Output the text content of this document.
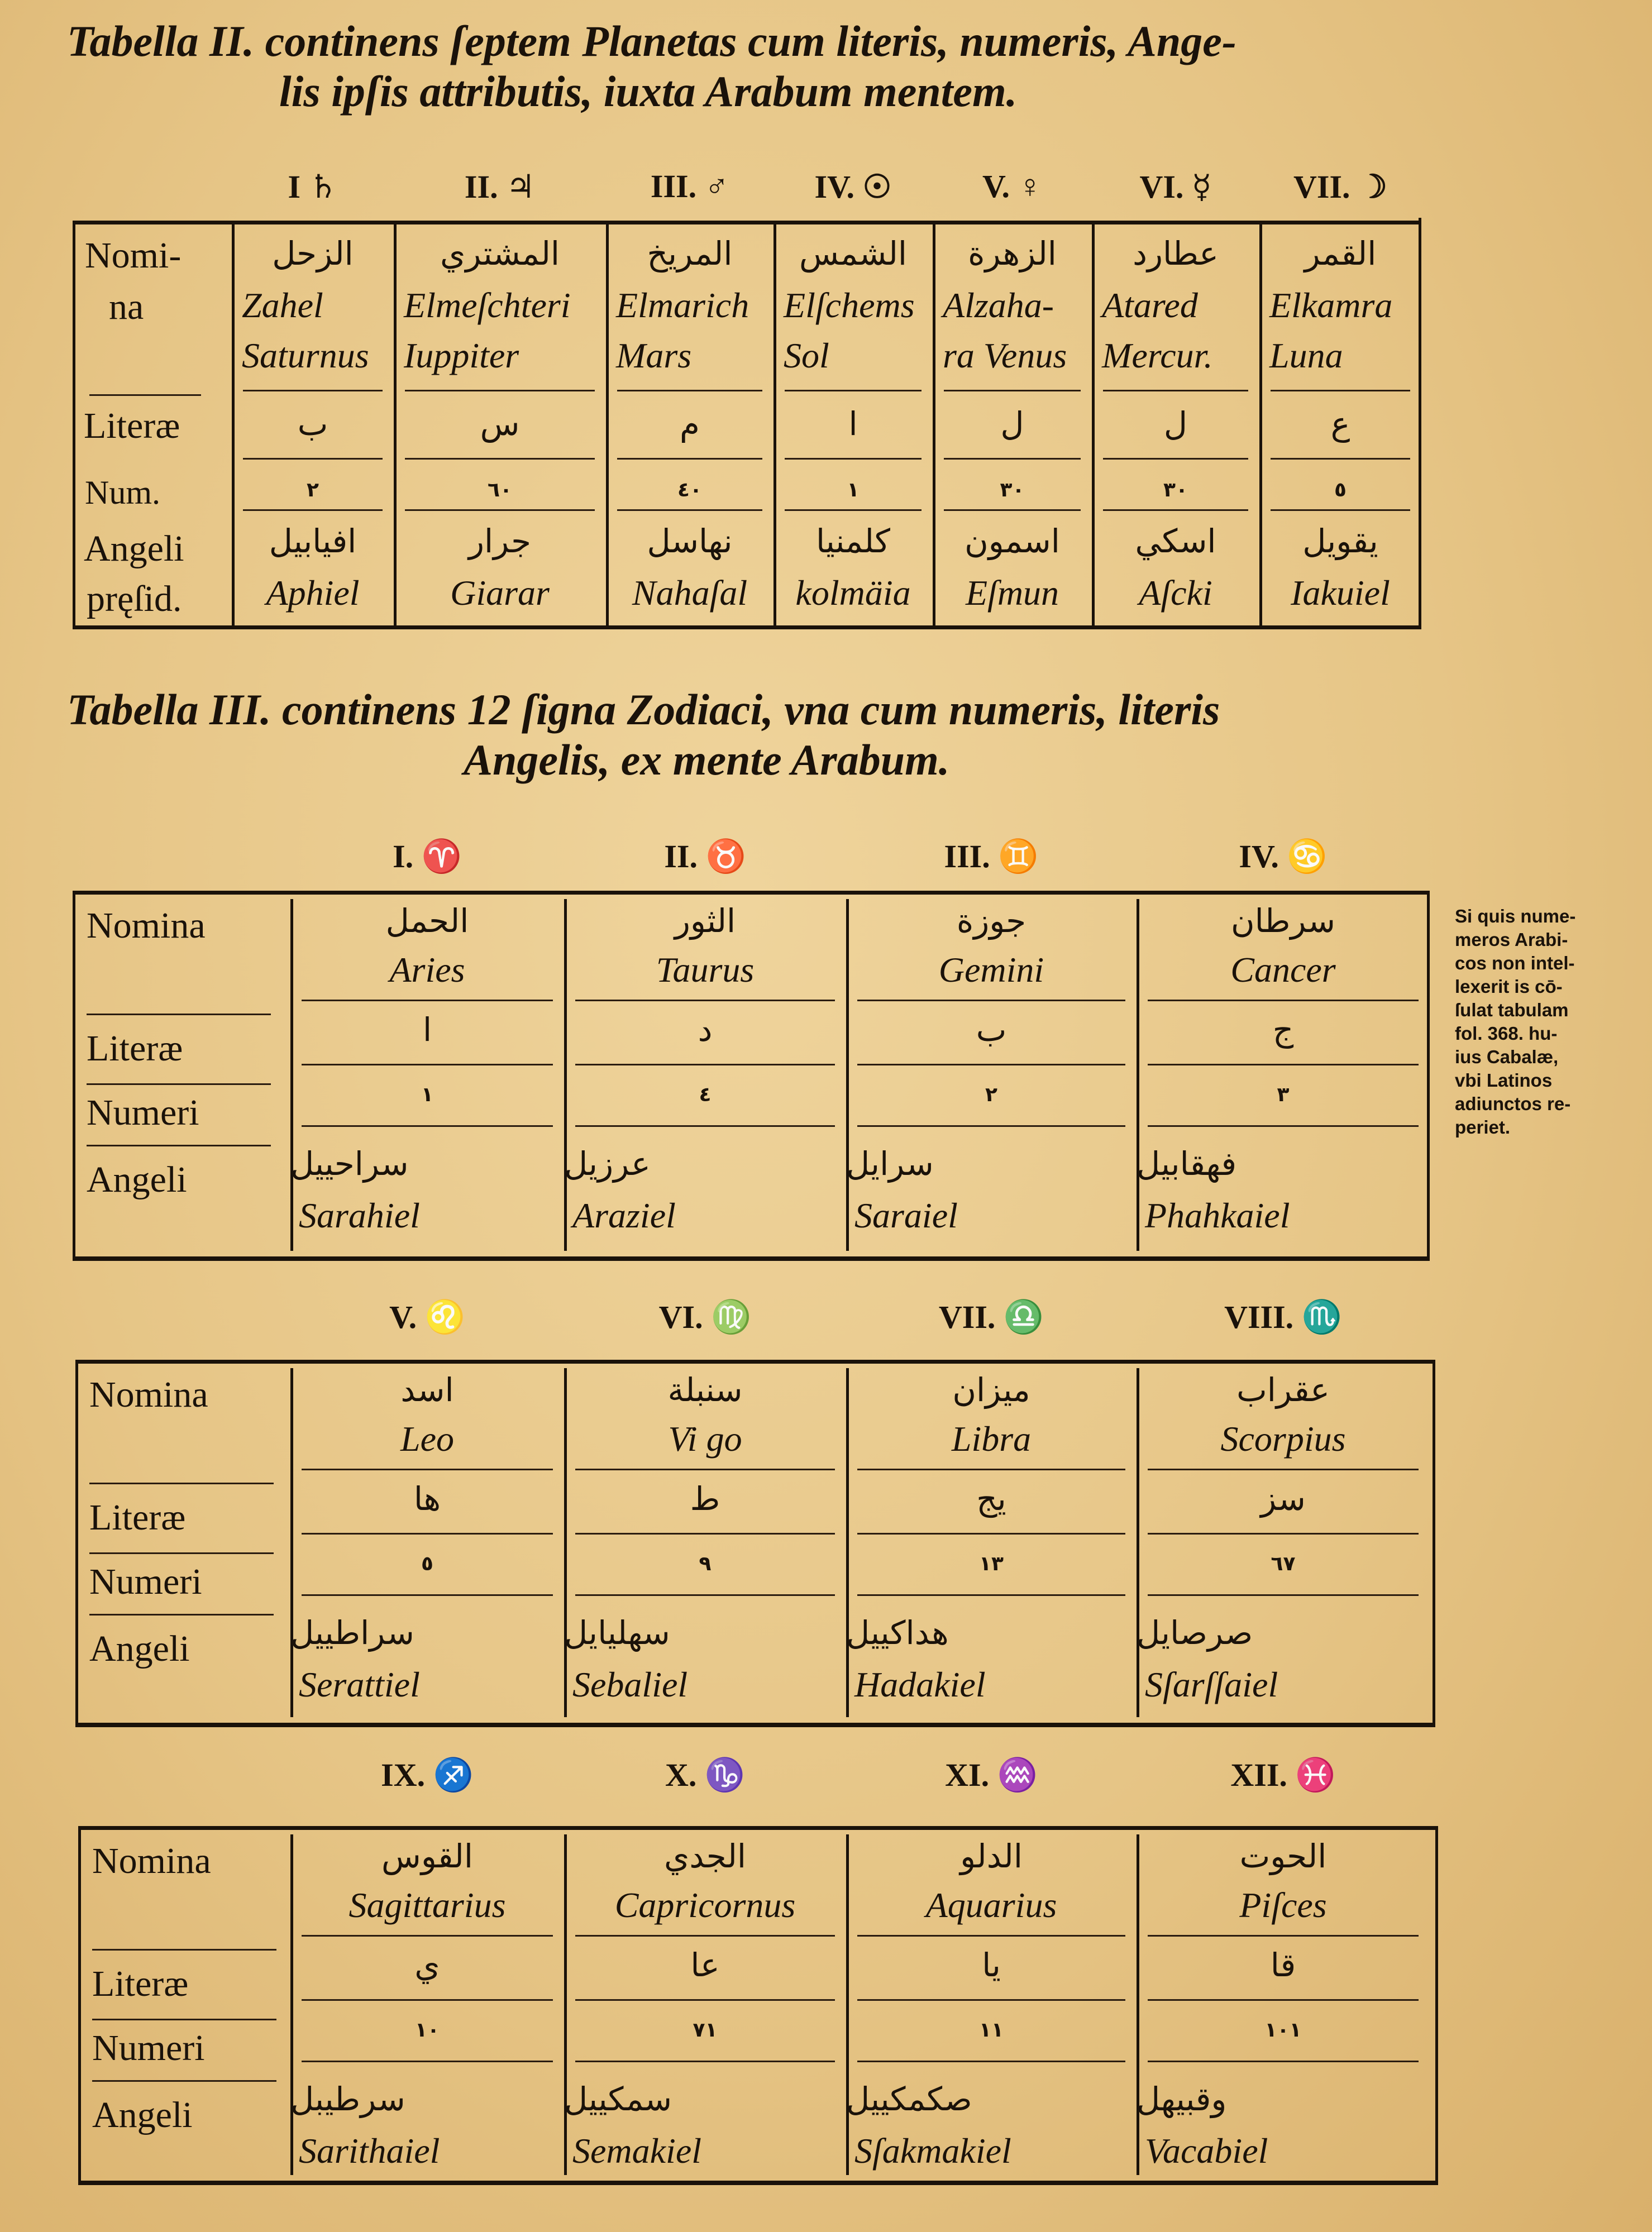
Tabella II. continens ſeptem Planetas cum literis, numeris, Ange-
lis ipſis attributis, iuxta Arabum mentem.
Nomi-
na
Literæ
Num.
Angeli
pręſid.
I ♄
الزحل
Zahel
Saturnus
ب
٢
افيابيل
Aphiel
II. ♃
المشتري
Elmeſchteri
Iuppiter
س
٦٠
جرار
Giarar
III. ♂
المريخ
Elmarich
Mars
م
٤٠
نهاسل
Nahaſal
IV. ☉
الشمس
Elſchems
Sol
ا
١
كلمنيا
kolmäia
V. ♀
الزهرة
Alzaha-
ra Venus
ل
٣٠
اسمون
Eſmun
VI. ☿
عطارد
Atared
Mercur.
ل
٣٠
اسكي
Aſcki
VII. ☽
القمر
Elkamra
Luna
ع
٥
يقويل
Iakuiel
Tabella III. continens 12 ſigna Zodiaci, vna cum numeris, literis
Angelis, ex mente Arabum.
Nomina
Literæ
Numeri
Angeli
I. ♈
الحمل
Aries
ا
١
سراحييل
Sarahiel
II. ♉
الثور
Taurus
د
٤
عرزيل
Araziel
III. ♊
جوزة
Gemini
ب
٢
سرايل
Saraiel
IV. ♋
سرطان
Cancer
ج
٣
فهقابيل
Phahkaiel
Nomina
Literæ
Numeri
Angeli
V. ♌
اسد
Leo
ها
٥
سراطييل
Serattiel
VI. ♍
سنبلة
Vi go
ط
٩
سهليايل
Sebaliel
VII. ♎
ميزان
Libra
يج
١٣
هداكييل
Hadakiel
VIII. ♏
عقراب
Scorpius
سز
٦٧
صرصايل
Sſarſſaiel
Nomina
Literæ
Numeri
Angeli
IX. ♐
القوس
Sagittarius
ي
١٠
سرطيبل
Sarithaiel
X. ♑
الجدي
Capricornus
عا
٧١
سمكييل
Semakiel
XI. ♒
الدلو
Aquarius
يا
١١
صكمكييل
Sſakmakiel
XII. ♓
الحوت
Piſces
قا
١٠١
وقبيهل
Vacabiel
Si quis nume-
meros Arabi-
cos non intel-
lexerit is cō-
ſulat tabulam
fol. 368. hu-
ius Cabalæ,
vbi Latinos
adiunctos re-
periet.
